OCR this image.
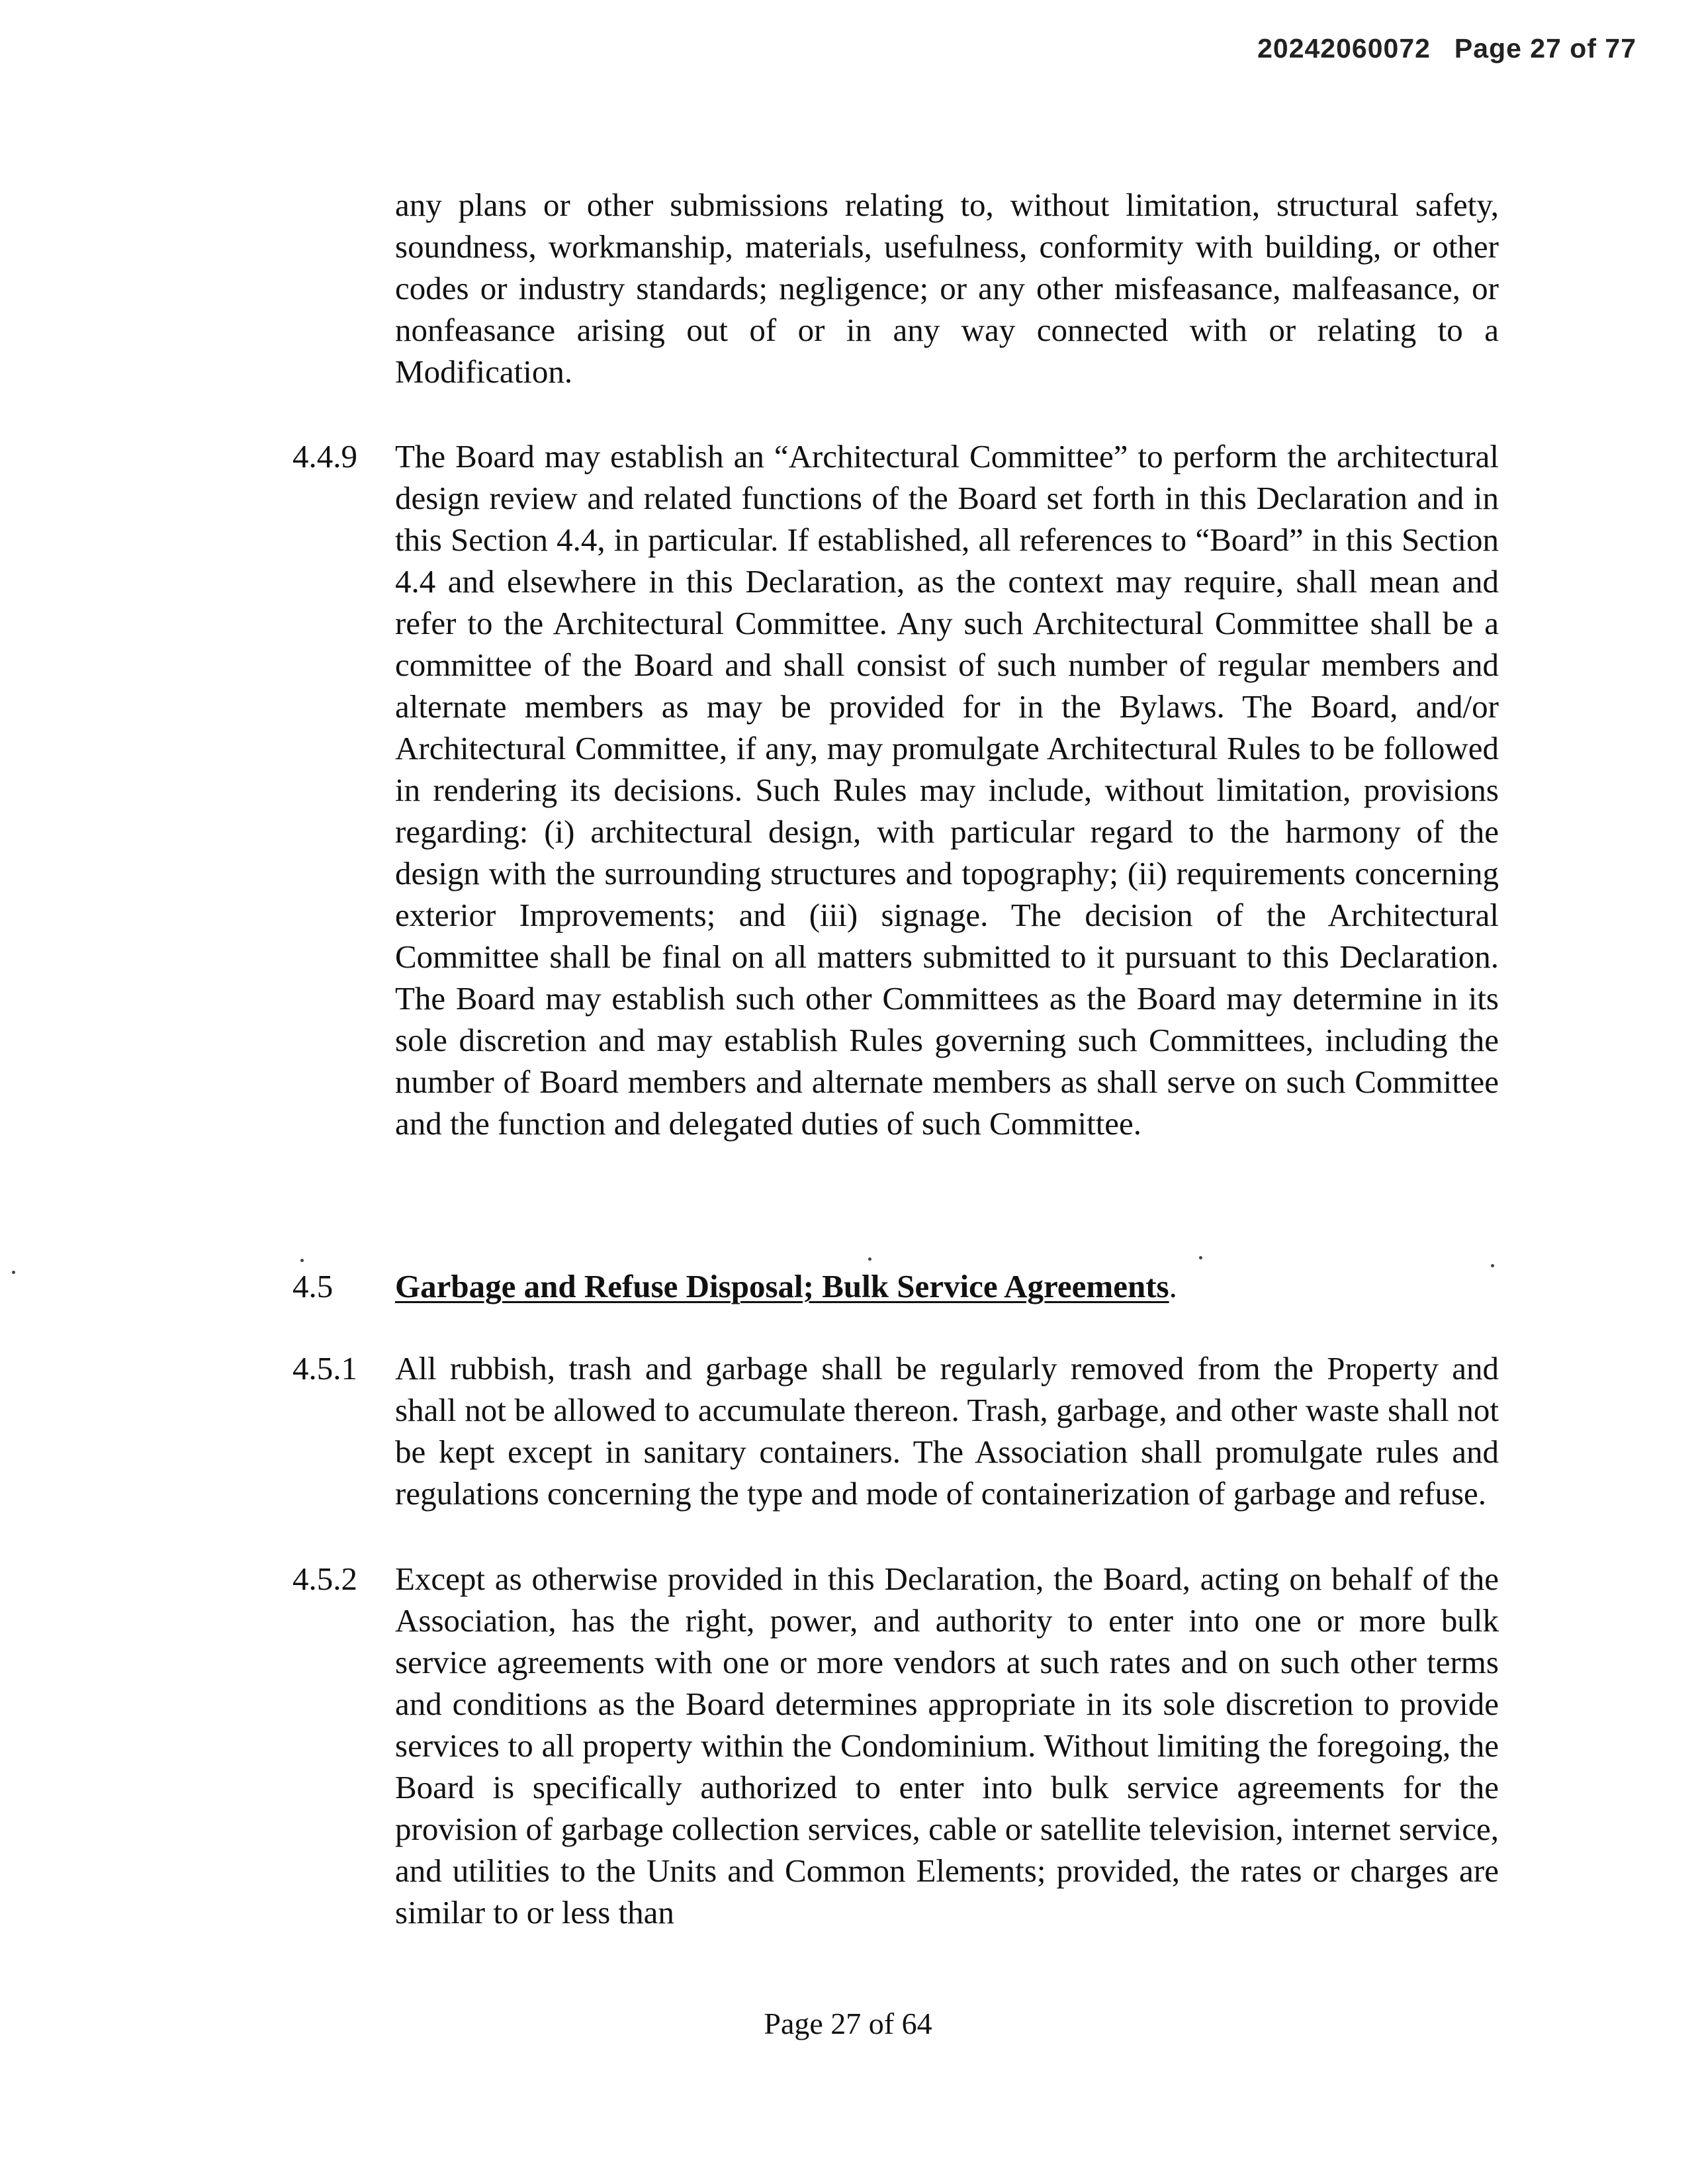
20242060072 Page 27 of 77

any plans or other submissions relating to, without limitation, structural safety, soundness, workmanship, materials, usefulness, conformity with building, or other codes or industry standards; negligence; or any other misfeasance, malfeasance, or nonfeasance arising out of or in any way connected with or relating to a Modification.

4.4.9 The Board may establish an “Architectural Committee” to perform the architectural design review and related functions of the Board set forth in this Declaration and in this Section 4.4, in particular. If established, all references to “Board” in this Section 4.4 and elsewhere in this Declaration, as the context may require, shall mean and refer to the Architectural Committee. Any such Architectural Committee shall be a committee of the Board and shall consist of such number of regular members and alternate members as may be provided for in the Bylaws. The Board, and/or Architectural Committee, if any, may promulgate Architectural Rules to be followed in rendering its decisions. Such Rules may include, without limitation, provisions regarding: (i) architectural design, with particular regard to the harmony of the design with the surrounding structures and topography; (ii) requirements concerning exterior Improvements; and (iii) signage. The decision of the Architectural Committee shall be final on all matters submitted to it pursuant to this Declaration. The Board may establish such other Committees as the Board may determine in its sole discretion and may establish Rules governing such Committees, including the number of Board members and alternate members as shall serve on such Committee and the function and delegated duties of such Committee.

4.5 Garbage and Refuse Disposal; Bulk Service Agreements.
4.5.1 All rubbish, trash and garbage shall be regularly removed from the Property and shall not be allowed to accumulate thereon. Trash, garbage, and other waste shall not be kept except in sanitary containers. The Association shall promulgate rules and regulations concerning the type and mode of containerization of garbage and refuse.

4.5.2 Except as otherwise provided in this Declaration, the Board, acting on behalf of the Association, has the right, power, and authority to enter into one or more bulk service agreements with one or more vendors at such rates and on such other terms and conditions as the Board determines appropriate in its sole discretion to provide services to all property within the Condominium. Without limiting the foregoing, the Board is specifically authorized to enter into bulk service agreements for the provision of garbage collection services, cable or satellite television, internet service, and utilities to the Units and Common Elements; provided, the rates or charges are similar to or less than

Page 27 of 64
